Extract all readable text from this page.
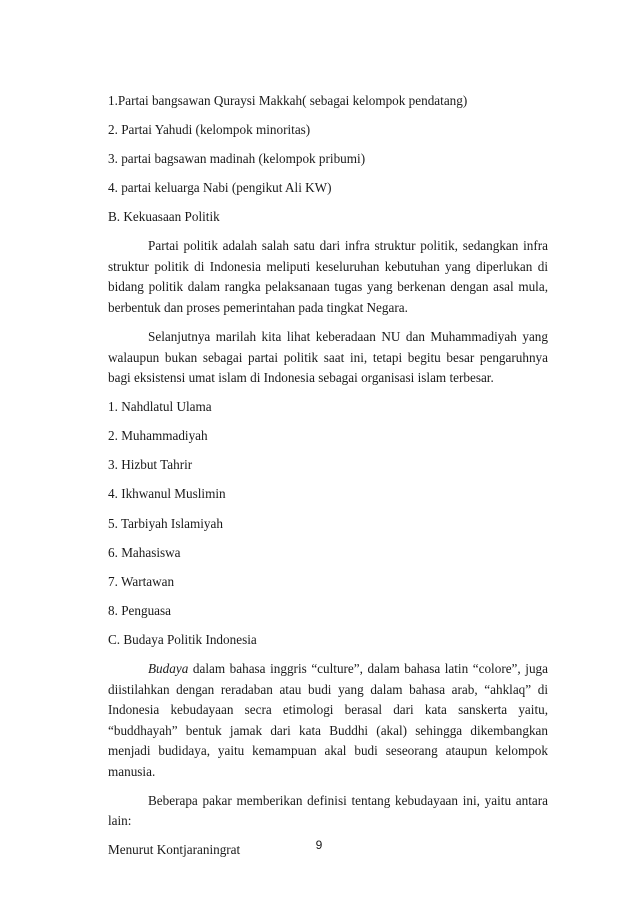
1.Partai bangsawan Quraysi Makkah( sebagai kelompok pendatang)

2. Partai Yahudi (kelompok minoritas)

3. partai bagsawan madinah (kelompok pribumi)

4. partai keluarga Nabi (pengikut Ali KW)

B. Kekuasaan Politik

Partai politik adalah salah satu dari infra struktur politik, sedangkan infra struktur politik di Indonesia meliputi keseluruhan kebutuhan yang diperlukan di bidang politik dalam rangka pelaksanaan tugas yang berkenan dengan asal mula, berbentuk dan proses pemerintahan pada tingkat Negara.

Selanjutnya marilah kita lihat keberadaan NU dan Muhammadiyah yang walaupun bukan sebagai partai politik saat ini, tetapi begitu besar pengaruhnya bagi eksistensi umat islam di Indonesia sebagai organisasi islam terbesar.

1. Nahdlatul Ulama

2. Muhammadiyah

3. Hizbut Tahrir

4. Ikhwanul Muslimin

5. Tarbiyah Islamiyah

6. Mahasiswa

7. Wartawan

8. Penguasa

C. Budaya Politik Indonesia

Budaya dalam bahasa inggris “culture”, dalam bahasa latin “colore”, juga diistilahkan dengan reradaban atau budi yang dalam bahasa arab, “ahklaq” di Indonesia kebudayaan secra etimologi berasal dari kata sanskerta yaitu, “buddhayah” bentuk jamak dari kata Buddhi (akal) sehingga dikembangkan menjadi budidaya, yaitu kemampuan akal budi seseorang ataupun kelompok manusia.

Beberapa pakar memberikan definisi tentang kebudayaan ini, yaitu antara lain:

Menurut Kontjaraningrat	9
